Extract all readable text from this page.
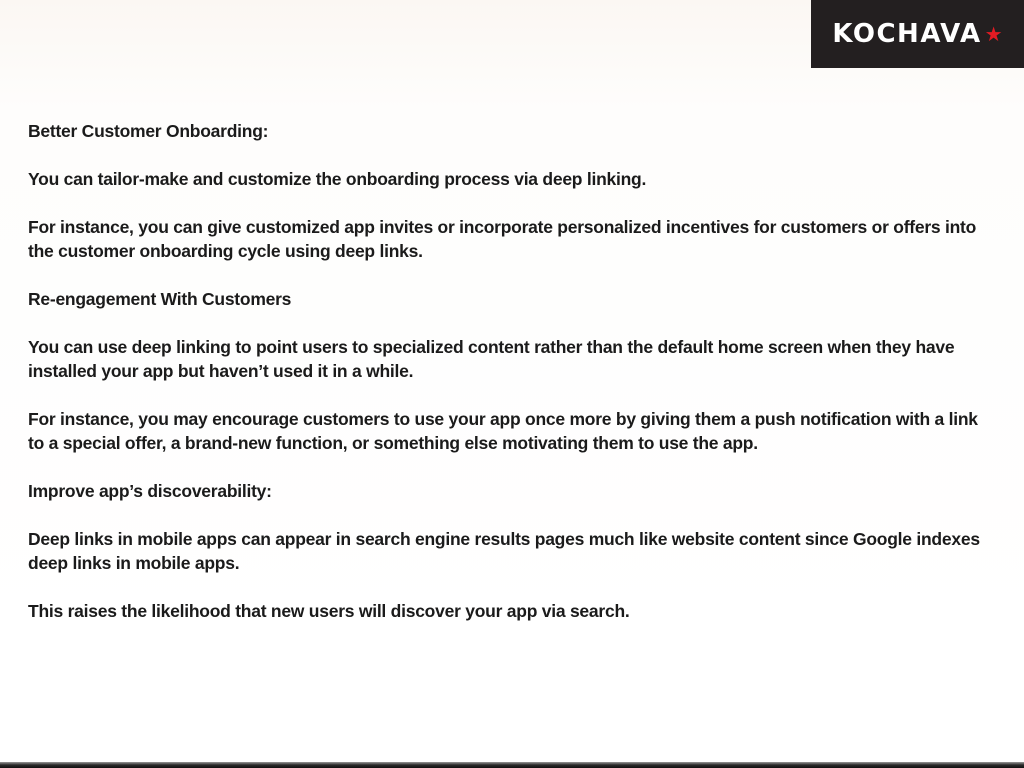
KOCHAVA ★

Better Customer Onboarding:

You can tailor-make and customize the onboarding process via deep linking.

For instance, you can give customized app invites or incorporate personalized incentives for customers or offers into the customer onboarding cycle using deep links.

Re-engagement With Customers

You can use deep linking to point users to specialized content rather than the default home screen when they have installed your app but haven’t used it in a while.

For instance, you may encourage customers to use your app once more by giving them a push notification with a link to a special offer, a brand-new function, or something else motivating them to use the app.

Improve app’s discoverability:

Deep links in mobile apps can appear in search engine results pages much like website content since Google indexes deep links in mobile apps.

This raises the likelihood that new users will discover your app via search.
